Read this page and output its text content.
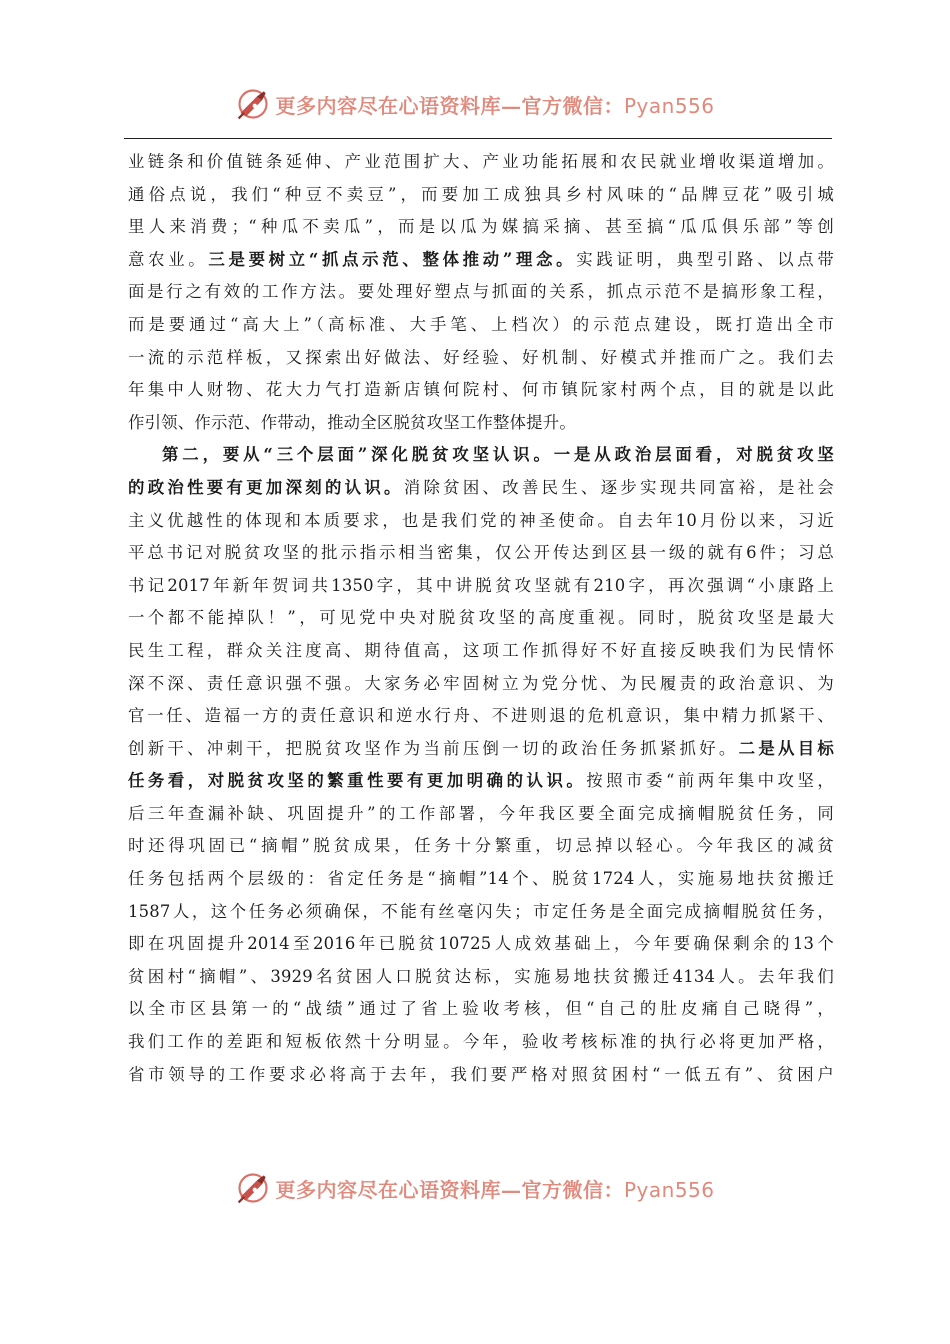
更多内容尽在心语资料库—官方微信：Pyan556
业链条和价值链条延伸、产业范围扩大、产业功能拓展和农民就业增收渠道增加。
通俗点说，我们“种豆不卖豆”，而要加工成独具乡村风味的“品牌豆花”吸引城
里人来消费；“种瓜不卖瓜”，而是以瓜为媒搞采摘、甚至搞“瓜瓜俱乐部”等创
意农业。三是要树立“抓点示范、整体推动”理念。实践证明，典型引路、以点带
面是行之有效的工作方法。要处理好塑点与抓面的关系，抓点示范不是搞形象工程，
而是要通过“高大上”（高标准、大手笔、上档次）的示范点建设，既打造出全市
一流的示范样板，又探索出好做法、好经验、好机制、好模式并推而广之。我们去
年集中人财物、花大力气打造新店镇何院村、何市镇阮家村两个点，目的就是以此
作引领、作示范、作带动，推动全区脱贫攻坚工作整体提升。
第二，要从“三个层面”深化脱贫攻坚认识。一是从政治层面看，对脱贫攻坚
的政治性要有更加深刻的认识。消除贫困、改善民生、逐步实现共同富裕，是社会
主义优越性的体现和本质要求，也是我们党的神圣使命。自去年10月份以来，习近
平总书记对脱贫攻坚的批示指示相当密集，仅公开传达到区县一级的就有6件；习总
书记2017年新年贺词共1350字，其中讲脱贫攻坚就有210字，再次强调“小康路上
一个都不能掉队！”，可见党中央对脱贫攻坚的高度重视。同时，脱贫攻坚是最大
民生工程，群众关注度高、期待值高，这项工作抓得好不好直接反映我们为民情怀
深不深、责任意识强不强。大家务必牢固树立为党分忧、为民履责的政治意识、为
官一任、造福一方的责任意识和逆水行舟、不进则退的危机意识，集中精力抓紧干、
创新干、冲刺干，把脱贫攻坚作为当前压倒一切的政治任务抓紧抓好。二是从目标
任务看，对脱贫攻坚的繁重性要有更加明确的认识。按照市委“前两年集中攻坚，
后三年查漏补缺、巩固提升”的工作部署，今年我区要全面完成摘帽脱贫任务，同
时还得巩固已“摘帽”脱贫成果，任务十分繁重，切忌掉以轻心。今年我区的减贫
任务包括两个层级的：省定任务是“摘帽”14个、脱贫1724人，实施易地扶贫搬迁
1587人，这个任务必须确保，不能有丝毫闪失；市定任务是全面完成摘帽脱贫任务，
即在巩固提升2014至2016年已脱贫10725人成效基础上，今年要确保剩余的13个
贫困村“摘帽”、3929名贫困人口脱贫达标，实施易地扶贫搬迁4134人。去年我们
以全市区县第一的“战绩”通过了省上验收考核，但“自己的肚皮痛自己晓得”，
我们工作的差距和短板依然十分明显。今年，验收考核标准的执行必将更加严格，
省市领导的工作要求必将高于去年，我们要严格对照贫困村“一低五有”、贫困户
更多内容尽在心语资料库—官方微信：Pyan556
